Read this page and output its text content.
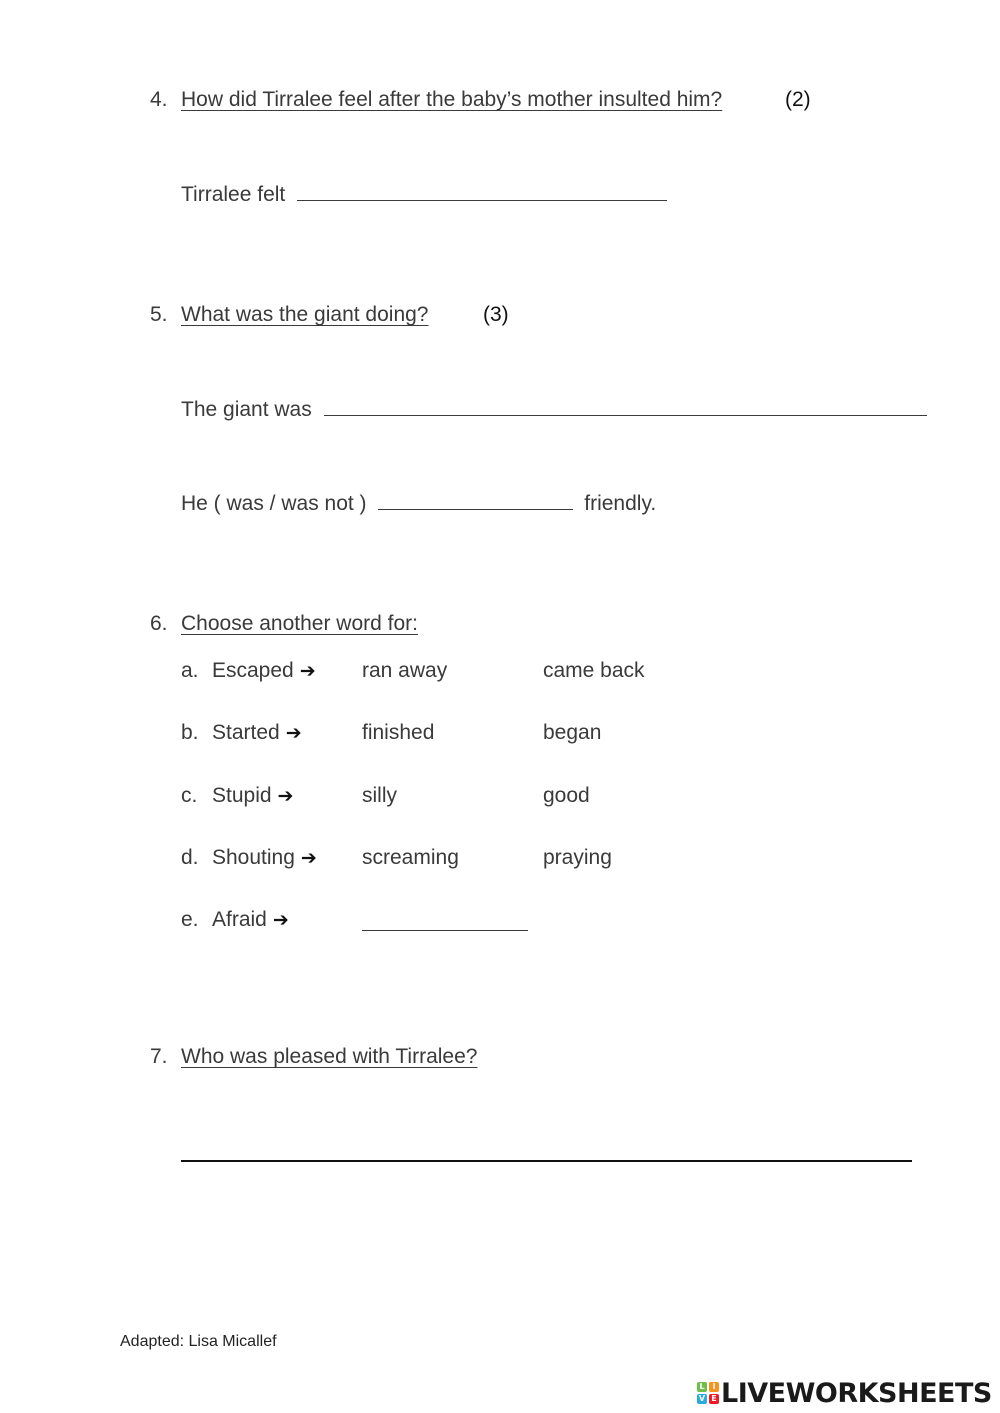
4. How did Tirralee feel after the baby’s mother insulted him?	(2)
Tirralee felt
5. What was the giant doing?	(3)
The giant was
He ( was / was not )	friendly.
6. Choose another word for:
a. Escaped ➔ ran away	came back
b. Started ➔	finished	began
c. Stupid ➔	silly	good
d. Shouting ➔ screaming	praying
e. Afraid ➔
7. Who was pleased with Tirralee?
Adapted: Lisa Micallef
L I
V E LIVEWORKSHEETS
